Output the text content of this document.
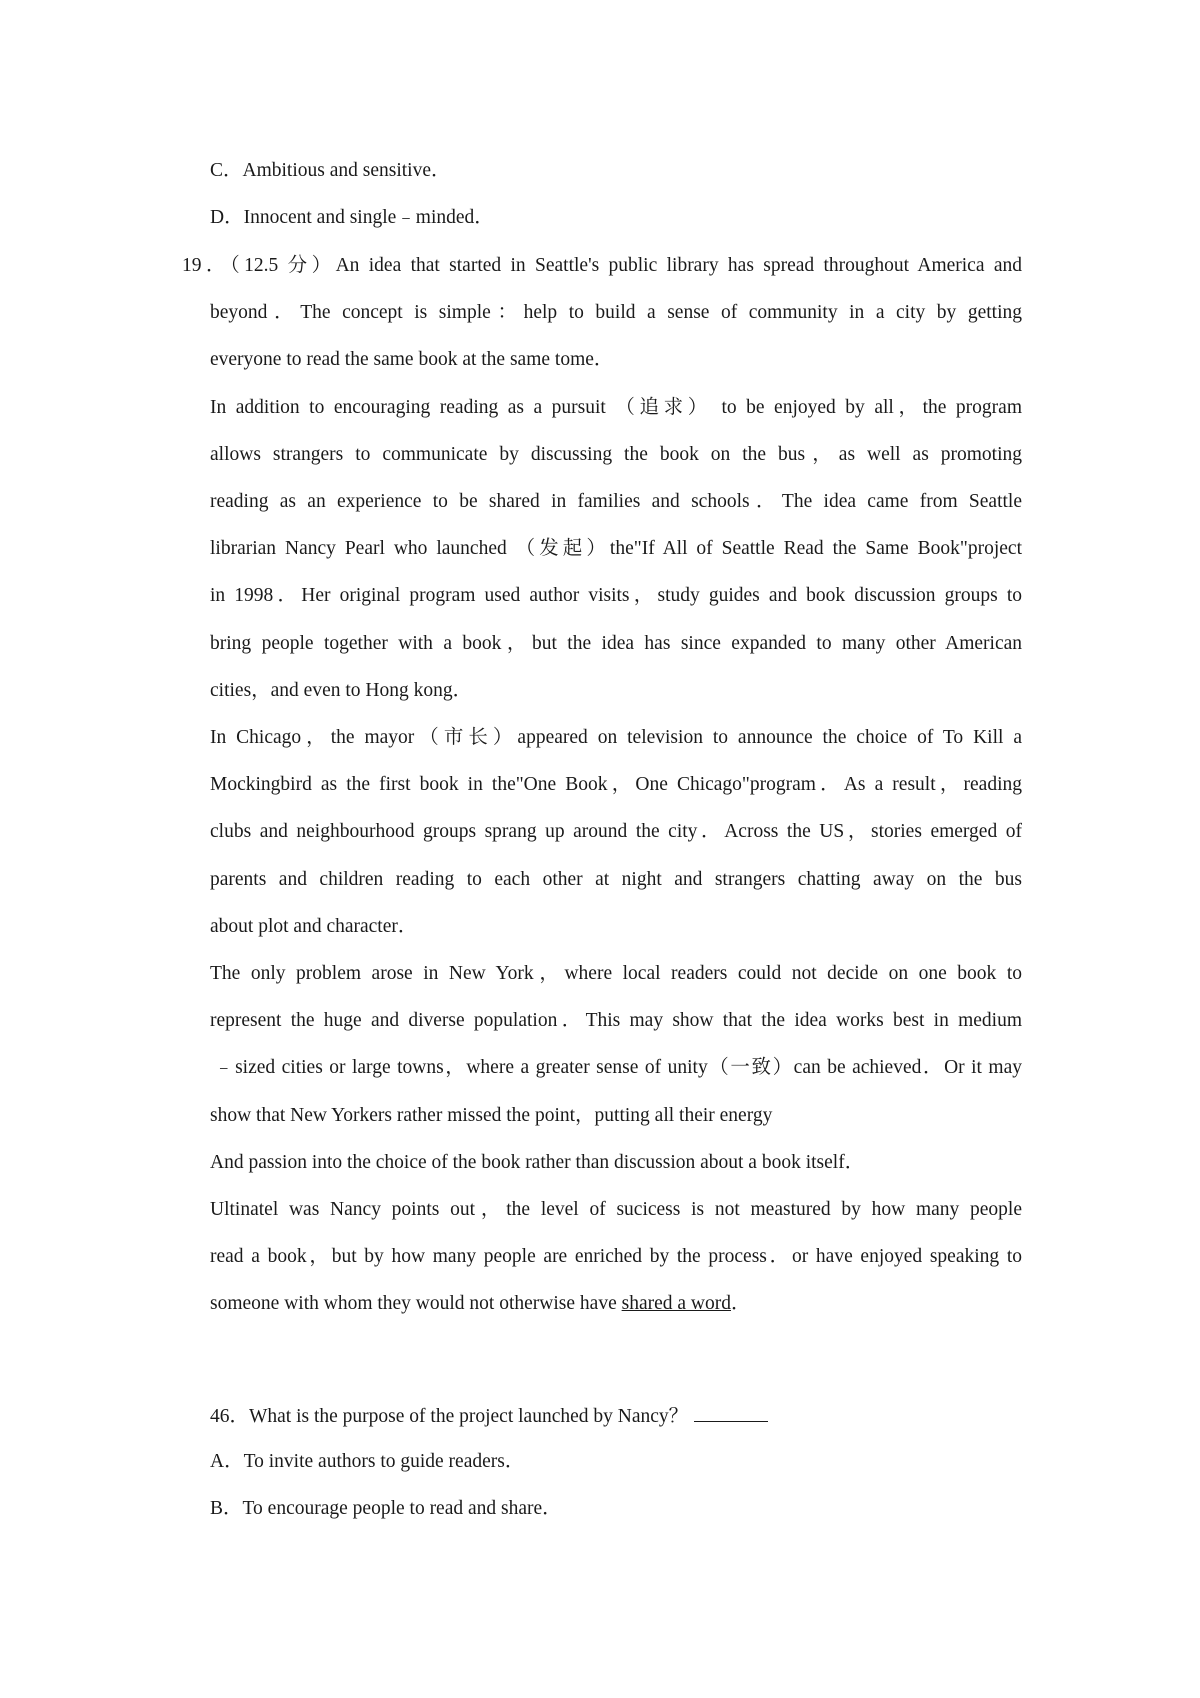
C．Ambitious and sensitive．
D．Innocent and single﹣minded．
19．（12.5 分）An idea that started in Seattle's public library has spread throughout America and
beyond．The concept is simple：help to build a sense of community in a city by getting
everyone to read the same book at the same tome．
In addition to encouraging reading as a pursuit （追求） to be enjoyed by all，the program
allows strangers to communicate by discussing the book on the bus，as well as promoting
reading as an experience to be shared in families and schools．The idea came from Seattle
librarian Nancy Pearl who launched （发起）the"If All of Seattle Read the Same Book"project
in 1998．Her original program used author visits，study guides and book discussion groups to
bring people together with a book，but the idea has since expanded to many other American
cities，and even to Hong kong．
In Chicago，the mayor（市长）appeared on television to announce the choice of To Kill a
Mockingbird as the first book in the"One Book，One Chicago"program．As a result，reading
clubs and neighbourhood groups sprang up around the city．Across the US，stories emerged of
parents and children reading to each other at night and strangers chatting away on the bus
about plot and character．
The only problem arose in New York，where local readers could not decide on one book to
represent the huge and diverse population．This may show that the idea works best in medium
﹣sized cities or large towns，where a greater sense of unity（一致）can be achieved．Or it may
show that New Yorkers rather missed the point，putting all their energy
And passion into the choice of the book rather than discussion about a book itself．
Ultinatel was Nancy points out，the level of sucicess is not meastured by how many people
read a book，but by how many people are enriched by the process．or have enjoyed speaking to
someone with whom they would not otherwise have shared a word．
46．What is the purpose of the project launched by Nancy？
A．To invite authors to guide readers．
B．To encourage people to read and share．
